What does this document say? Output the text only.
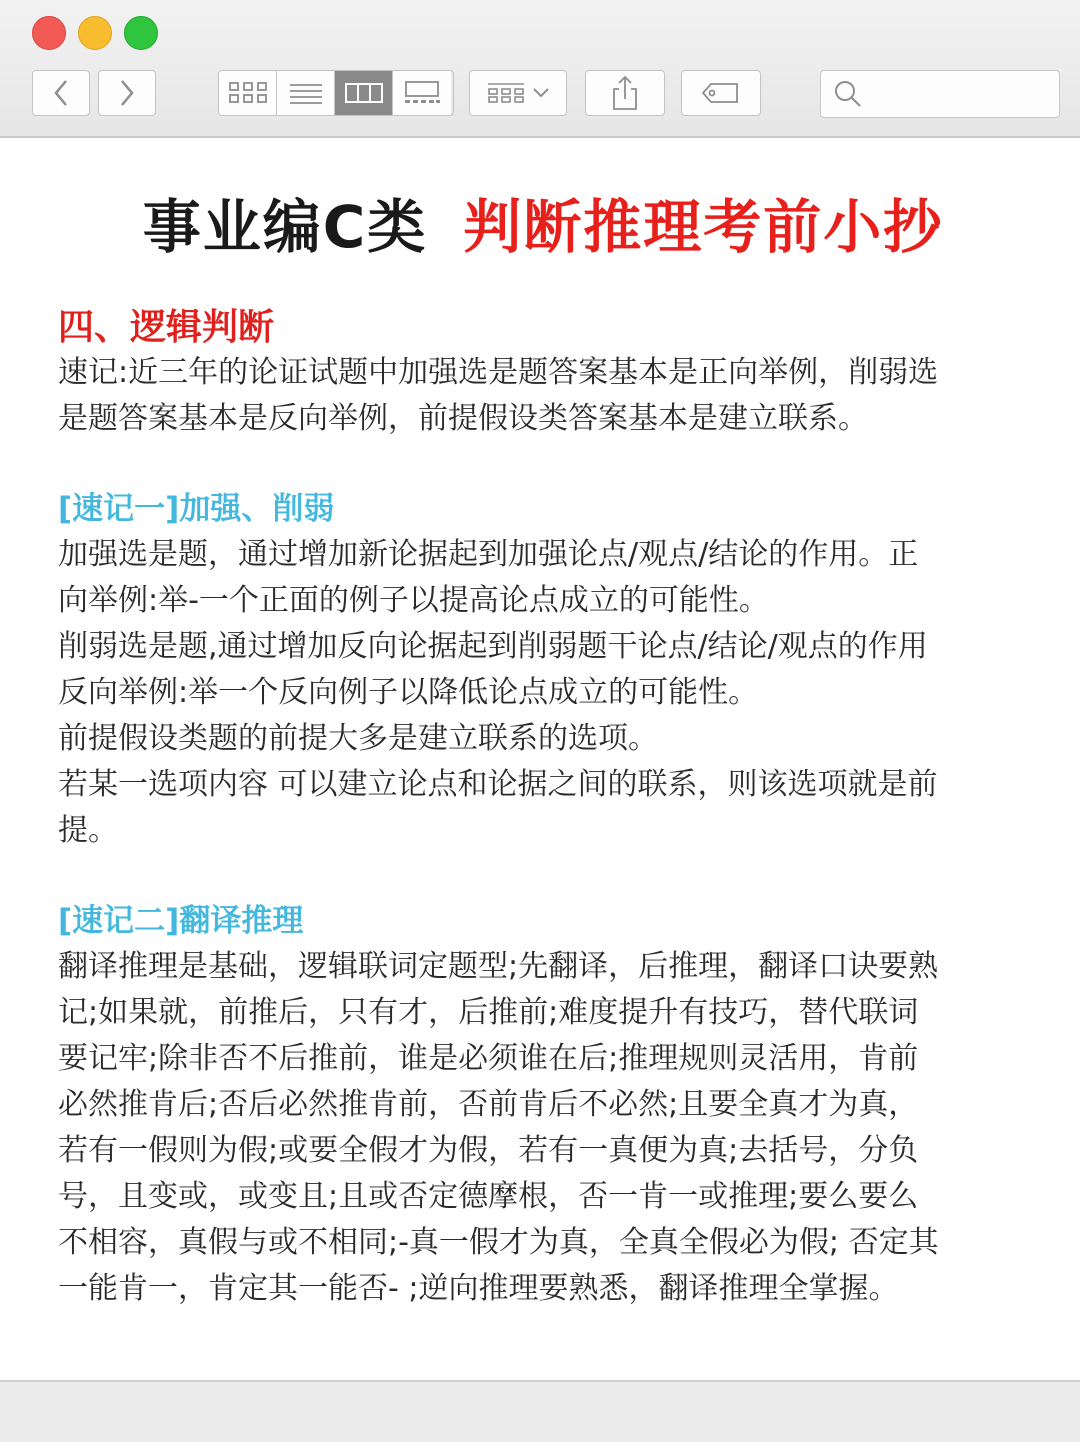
事业编C类 判断推理考前小抄
四、逻辑判断
速记:近三年的论证试题中加强选是题答案基本是正向举例，削弱选
是题答案基本是反向举例，前提假设类答案基本是建立联系。
[速记一]加强、削弱
加强选是题，通过增加新论据起到加强论点/观点/结论的作用。正
向举例:举-一个正面的例子以提高论点成立的可能性。
削弱选是题,通过增加反向论据起到削弱题干论点/结论/观点的作用
反向举例:举一个反向例子以降低论点成立的可能性。
前提假设类题的前提大多是建立联系的选项。
若某一选项内容 可以建立论点和论据之间的联系，则该选项就是前
提。
[速记二]翻译推理
翻译推理是基础，逻辑联词定题型;先翻译，后推理，翻译口诀要熟
记;如果就，前推后，只有才，后推前;难度提升有技巧，替代联词
要记牢;除非否不后推前，谁是必须谁在后;推理规则灵活用，肯前
必然推肯后;否后必然推肯前，否前肯后不必然;且要全真才为真，
若有一假则为假;或要全假才为假，若有一真便为真;去括号，分负
号，且变或，或变且;且或否定德摩根，否一肯一或推理;要么要么
不相容，真假与或不相同;-真一假才为真，全真全假必为假; 否定其
一能肯一，肯定其一能否- ;逆向推理要熟悉，翻译推理全掌握。
